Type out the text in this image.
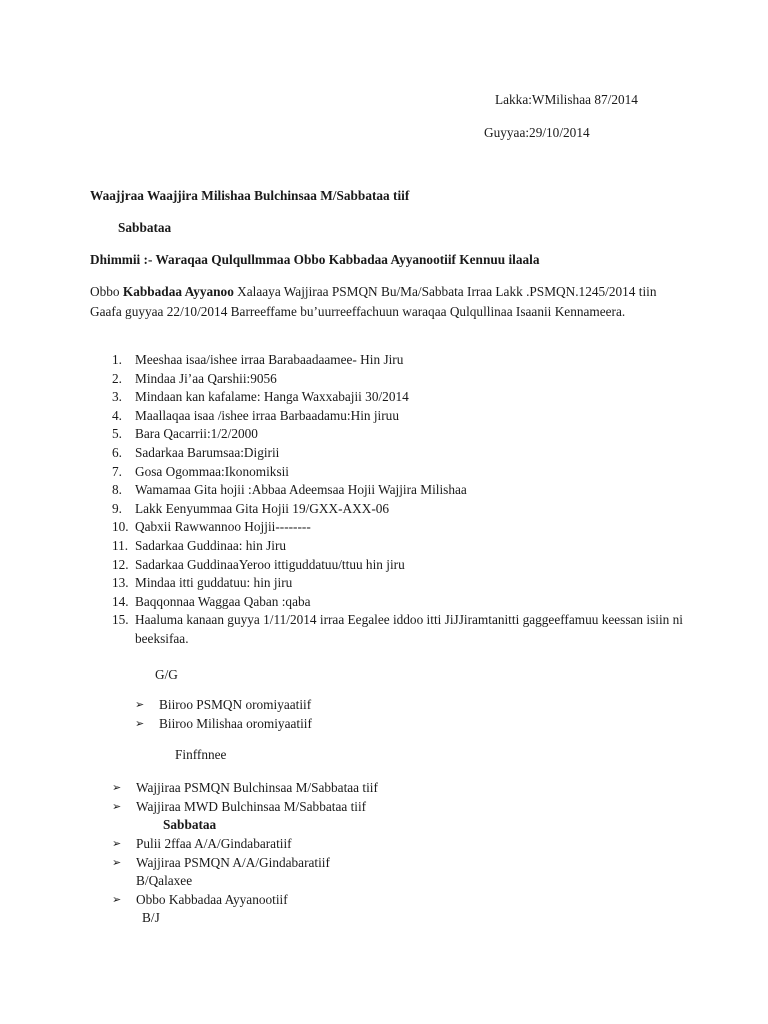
Lakka:WMilishaa 87/2014
Guyyaa:29/10/2014
Waajjraa Waajjira Milishaa Bulchinsaa M/Sabbataa tiif
Sabbataa
Dhimmii :- Waraqaa Qulqullmmaa Obbo Kabbadaa Ayyanootiif Kennuu ilaala
Obbo Kabbadaa Ayyanoo Xalaaya Wajjiraa PSMQN Bu/Ma/Sabbata Irraa Lakk .PSMQN.1245/2014 tiin Gaafa guyyaa 22/10/2014 Barreeffame bu’uurreeffachuun waraqaa Qulqullinaa Isaanii Kennameera.
1. Meeshaa isaa/ishee irraa Barabaadaamee- Hin Jiru
2. Mindaa Ji’aa Qarshii:9056
3. Mindaan kan kafalame: Hanga Waxxabajii 30/2014
4. Maallaqaa isaa /ishee irraa Barbaadamu:Hin jiruu
5. Bara Qacarrii:1/2/2000
6. Sadarkaa Barumsaa:Digirii
7. Gosa Ogommaa:Ikonomiksii
8. Wamamaa Gita hojii :Abbaa Adeemsaa Hojii Wajjira Milishaa
9. Lakk Eenyummaa Gita Hojii 19/GXX-AXX-06
10. Qabxii Rawwannoo Hojjii--------
11. Sadarkaa Guddinaa: hin Jiru
12. Sadarkaa GuddinaaYeroo ittiguddatuu/ttuu hin jiru
13. Mindaa itti guddatuu: hin jiru
14. Baqqonnaa Waggaa Qaban :qaba
15. Haaluma kanaan guyya 1/11/2014 irraa Eegalee iddoo itti JiJJiramtanitti gaggeeffamuu keessan isiin ni beeksifaa.
G/G
➢ Biiroo PSMQN oromiyaatiif
➢ Biiroo Milishaa oromiyaatiif
Finffnnee
➢ Wajjiraa PSMQN Bulchinsaa M/Sabbataa tiif
➢ Wajjiraa MWD Bulchinsaa M/Sabbataa tiif
Sabbataa
➢ Pulii 2ffaa A/A/Gindabaratiif
➢ Wajjiraa PSMQN A/A/Gindabaratiif
B/Qalaxee
➢ Obbo Kabbadaa Ayyanootiif
B/J
